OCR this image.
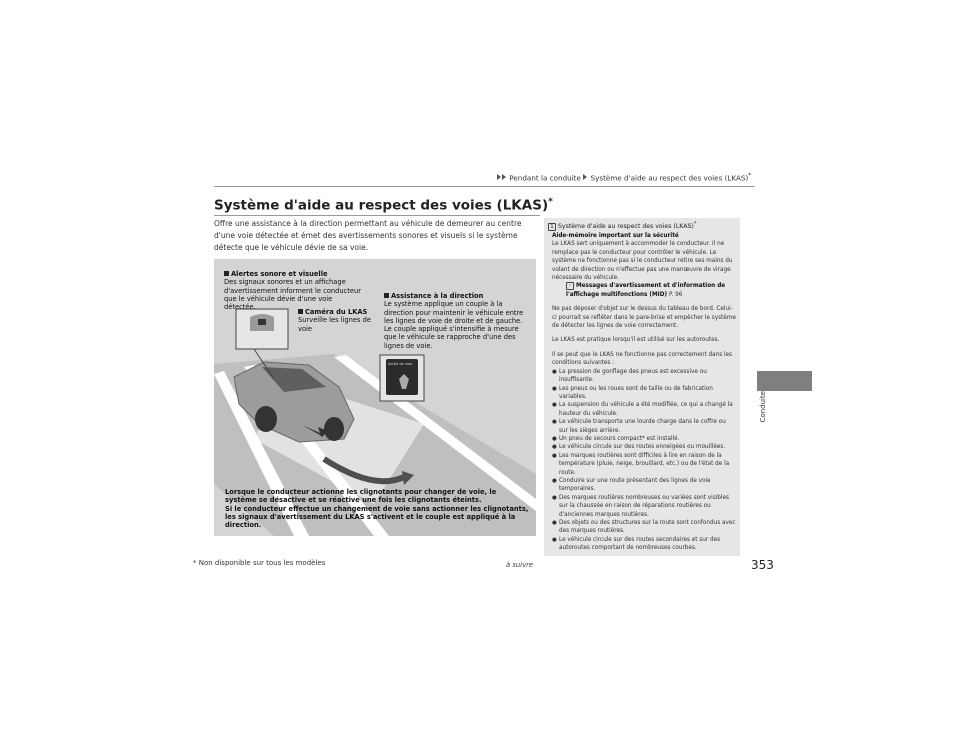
Pendant la conduite Système d'aide au respect des voies (LKAS)*
Système d'aide au respect des voies (LKAS)*
Offre une assistance à la direction permettant au véhicule de demeurer au centre d'une voie détectée et émet des avertissements sonores et visuels si le système détecte que le véhicule dévie de sa voie.
Alertes sonore et visuelle
Des signaux sonores et un affichage d'avertissement informent le conducteur que le véhicule dévie d'une voie détectée.
Caméra du LKAS
Surveille les lignes de voie
Assistance à la direction
Le système applique un couple à la direction pour maintenir le véhicule entre les lignes de voie de droite et de gauche. Le couple appliqué s'intensifie à mesure que le véhicule se rapproche d'une des lignes de voie.
Sortie de voie
Lorsque le conducteur actionne les clignotants pour changer de voie, le système se désactive et se réactive une fois les clignotants éteints.
Si le conducteur effectue un changement de voie sans actionner les clignotants, les signaux d'avertissement du LKAS s'activent et le couple est appliqué à la direction.
1 Système d'aide au respect des voies (LKAS)*
Aide-mémoire important sur la sécurité
Le LKAS sert uniquement à accommoder le conducteur. Il ne remplace pas le conducteur pour contrôler le véhicule. Le système ne fonctionne pas si le conducteur retire ses mains du volant de direction ou n'effectue pas une manœuvre de virage nécessaire du véhicule.

› Messages d'avertissement et d'information de l'affichage multifonctions (MID) P. 96

Ne pas déposer d'objet sur le dessus du tableau de bord. Celui-ci pourrait se refléter dans le pare-brise et empêcher le système de détecter les lignes de voie correctement.

Le LKAS est pratique lorsqu'il est utilisé sur les autoroutes.

Il se peut que le LKAS ne fonctionne pas correctement dans les conditions suivantes :
● La pression de gonflage des pneus est excessive ou insuffisante.
● Les pneus ou les roues sont de taille ou de fabrication variables.
● La suspension du véhicule a été modifiée, ce qui a changé la hauteur du véhicule.
● Le véhicule transporte une lourde charge dans le coffre ou sur les sièges arrière.
● Un pneu de secours compact* est installé.
● Le véhicule circule sur des routes enneigées ou mouillées.
● Les marques routières sont difficiles à lire en raison de la température (pluie, neige, brouillard, etc.) ou de l'état de la route.
● Conduire sur une route présentant des lignes de voie temporaires.
● Des marques routières nombreuses ou variées sont visibles sur la chaussée en raison de réparations routières ou d'anciennes marques routières.
● Des objets ou des structures sur la route sont confondus avec des marques routières.
● Le véhicule circule sur des routes secondaires et sur des autoroutes comportant de nombreuses courbes.
Conduite
* Non disponible sur tous les modèles	à suivre	353
